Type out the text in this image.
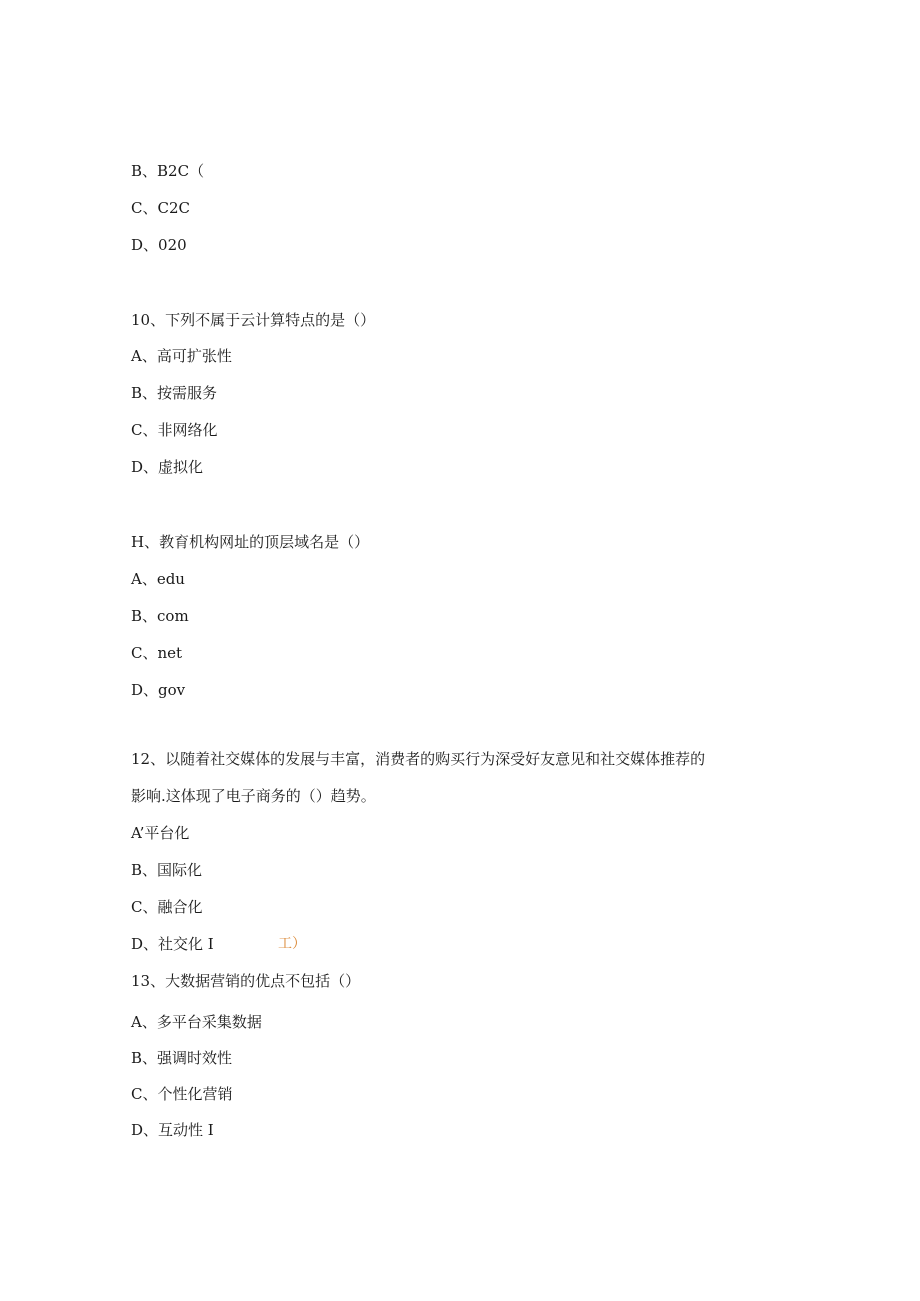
B、B2C（
C、C2C
D、020
10、下列不属于云计算特点的是（）
A、高可扩张性
B、按需服务
C、非网络化
D、虚拟化
H、教育机构网址的顶层域名是（）
A、edu
B、com
C、net
D、gov
12、以随着社交媒体的发展与丰富，消费者的购买行为深受好友意见和社交媒体推荐的
影响.这体现了电子商务的（）趋势。
A’平台化
B、国际化
C、融合化
D、社交化 I	工）
13、大数据营销的优点不包括（）
A、多平台采集数据
B、强调时效性
C、个性化营销
D、互动性 I
